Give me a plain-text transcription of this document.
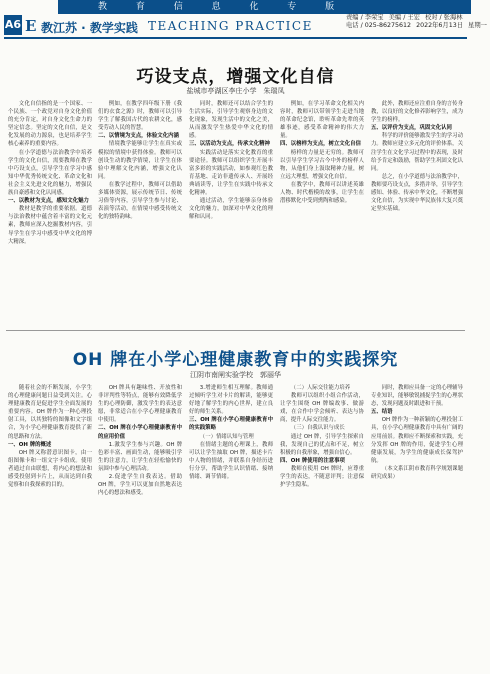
教 育 信 息 化 专 版
A6 E 教江苏 · 教学实践 TEACHING PRACTICE
责编 / 李荣宝 美编 / 王宏 校对 / 张海林
电话 / 025-86275612 2022年6月13日 星期一
巧设支点，增强文化自信
盐城市亭湖区李庄小学　朱瑞凤

文化自信指的是一个国家、一个民族、一个政党对自身文化价值的充分肯定，对自身文化生命力的坚定信念。坚定的文化自信，是文化发展的动力源泉，也是培养学生核心素养的重要内容。

在小学道德与法治教学中培养学生的文化自信，需要教师在教学中巧设支点，引导学生在学习中感知中华优秀传统文化、革命文化和社会主义先进文化的魅力，增强民族自豪感和文化认同感。

一、以教材为支点，感知文化魅力

教材是教学的重要依据。道德与法治教材中蕴含着丰富的文化元素，教师应深入挖掘教材内容，引导学生在学习中感受中华文化的博大精深。

例如，在教学四年级下册《我们的衣食之源》时，教师可以引导学生了解我国古代的农耕文化，感受劳动人民的智慧。

二、以情境为支点，体验文化内涵

情境教学能够让学生在真实或模拟的情境中获得体验。教师可以创设生动的教学情境，让学生在体验中理解文化内涵，增强文化认同。

在教学过程中，教师可以借助多媒体资源，展示传统节日、传统习俗等内容，引导学生参与讨论、表演等活动，在情境中感受传统文化的独特韵味。

同时，教师还可以结合学生的生活实际，引导学生观察身边的文化现象，发现生活中的文化之美，从而激发学生热爱中华文化的情感。

三、以活动为支点，传承文化精神

实践活动是落实文化教育的重要途径。教师可以组织学生开展丰富多彩的实践活动，如参观红色教育基地、走访非遗传承人、开展经典诵读等，让学生在实践中传承文化精神。

通过活动，学生能够亲身体验文化的魅力，加深对中华文化的理解和认同。

例如，在学习革命文化相关内容时，教师可以带领学生走进当地的革命纪念馆，聆听革命先辈的英雄事迹，感受革命精神的伟大力量。

四、以榜样为支点，树立文化自信

榜样的力量是无穷的。教师可以引导学生学习古今中外的榜样人物，从他们身上汲取精神力量，树立远大理想，增强文化自信。

在教学中，教师可以讲述英雄人物、时代楷模的故事，让学生在潜移默化中受到熏陶和感染。

此外，教师还应注重自身的言传身教，以良好的文化修养影响学生，成为学生的榜样。

五、以评价为支点，巩固文化认同

科学的评价能够激发学生的学习动力。教师应建立多元化的评价体系，关注学生在文化学习过程中的表现，及时给予肯定和鼓励，帮助学生巩固文化认同。

总之，在小学道德与法治教学中，教师要巧设支点，多措并举，引导学生感知、体验、传承中华文化，不断增强文化自信，为实现中华民族伟大复兴奠定坚实基础。

OH 牌在小学心理健康教育中的实践探究
江阴市南闸实验学校　郭丽华

随着社会的不断发展，小学生的心理健康问题日益受到关注。心理健康教育是促进学生全面发展的重要内容。OH 牌作为一种心理投射工具，以其独特的图像和文字组合，为小学心理健康教育提供了新的思路和方法。

一、OH 牌的概述

OH 牌又称潜意识图卡，由一组图像卡和一组文字卡组成。使用者通过自由联想，将内心的想法和感受投射到卡片上，从而达到自我觉察和自我探索的目的。

OH 牌具有趣味性、开放性和非评判性等特点，能够有效降低学生的心理防御，激发学生的表达意愿，非常适合在小学心理健康教育中使用。

二、OH 牌在小学心理健康教育中的应用价值

1.激发学生参与兴趣。OH 牌色彩丰富、画面生动，能够吸引学生的注意力，让学生在轻松愉快的氛围中参与心理活动。

2.促进学生自我表达。借助 OH 牌，学生可以更加自然地表达内心的想法和感受。

3.增进师生相互理解。教师通过倾听学生对卡片的解读，能够更好地了解学生的内心世界，建立良好的师生关系。

三、OH 牌在小学心理健康教育中的实践策略

（一）情绪认知与管理

在情绪主题的心理课上，教师可以让学生抽取 OH 牌，描述卡片中人物的情绪，并联系自身经历进行分享，帮助学生认识情绪、接纳情绪、调节情绪。

（二）人际交往能力培养

教师可以组织小组合作活动，让学生围绕 OH 牌编故事、做游戏，在合作中学会倾听、表达与协商，提升人际交往能力。

（三）自我认识与成长

通过 OH 牌，引导学生探索自我，发现自己的优点和不足，树立积极的自我形象，增强自信心。

四、OH 牌使用的注意事项

教师在使用 OH 牌时，应尊重学生的表达，不随意评判；注意保护学生隐私。

同时，教师应具备一定的心理辅导专业知识，能够敏锐捕捉学生的心理状态，发现问题及时跟进和干预。

五、结语

OH 牌作为一种新颖的心理投射工具，在小学心理健康教育中具有广阔的应用前景。教师应不断探索和实践，充分发挥 OH 牌的作用，促进学生心理健康发展，为学生的健康成长保驾护航。

（本文系江阴市教育科学规划课题研究成果）
